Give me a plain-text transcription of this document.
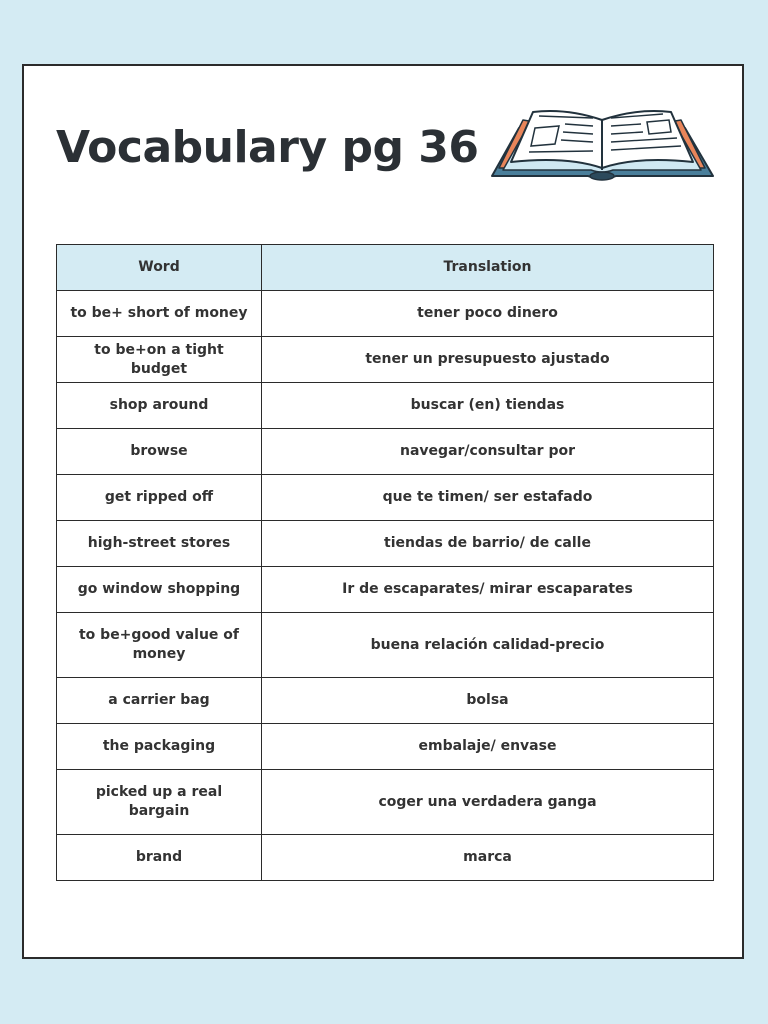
Vocabulary pg 36
Word	Translation
to be+ short of money	tener poco dinero
to be+on a tight budget	tener un presupuesto ajustado
shop around	buscar (en) tiendas
browse	navegar/consultar por
get ripped off	que te timen/ ser estafado
high-street stores	tiendas de barrio/ de calle
go window shopping	Ir de escaparates/ mirar escaparates
to be+good value of money	buena relación calidad-precio
a carrier bag	bolsa
the packaging	embalaje/ envase
picked up a real bargain	coger una verdadera ganga
brand	marca
